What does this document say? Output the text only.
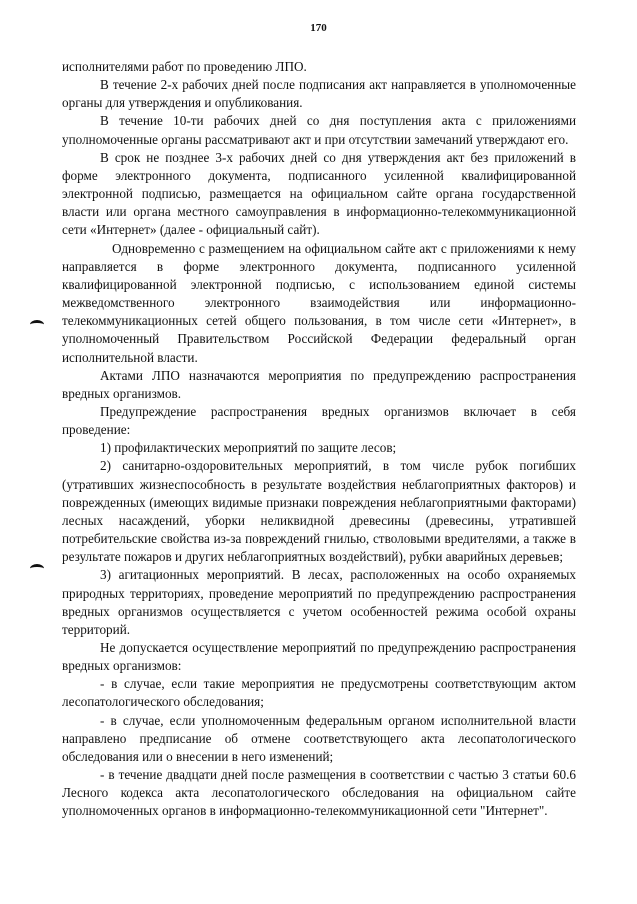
170

исполнителями работ по проведению ЛПО.

В течение 2-х рабочих дней после подписания акт направляется в уполномоченные органы для утверждения и опубликования.

В течение 10-ти рабочих дней со дня поступления акта с приложениями уполномоченные органы рассматривают акт и при отсутствии замечаний утверждают его.

В срок не позднее 3-х рабочих дней со дня утверждения акт без приложений в форме электронного документа, подписанного усиленной квалифицированной электронной подписью, размещается на официальном сайте органа государственной власти или органа местного самоуправления в информационно-телекоммуникационной сети «Интернет» (далее - официальный сайт).

Одновременно с размещением на официальном сайте акт с приложениями к нему направляется в форме электронного документа, подписанного усиленной квалифицированной электронной подписью, с использованием единой системы межведомственного электронного взаимодействия или информационно-телекоммуникационных сетей общего пользования, в том числе сети «Интернет», в уполномоченный Правительством Российской Федерации федеральный орган исполнительной власти.

Актами ЛПО назначаются мероприятия по предупреждению распространения вредных организмов.

Предупреждение распространения вредных организмов включает в себя проведение:

1) профилактических мероприятий по защите лесов;

2) санитарно-оздоровительных мероприятий, в том числе рубок погибших (утративших жизнеспособность в результате воздействия неблагоприятных факторов) и поврежденных (имеющих видимые признаки повреждения неблагоприятными факторами) лесных насаждений, уборки неликвидной древесины (древесины, утратившей потребительские свойства из-за повреждений гнилью, стволовыми вредителями, а также в результате пожаров и других неблагоприятных воздействий), рубки аварийных деревьев;

3) агитационных мероприятий. В лесах, расположенных на особо охраняемых природных территориях, проведение мероприятий по предупреждению распространения вредных организмов осуществляется с учетом особенностей режима особой охраны территорий.

Не допускается осуществление мероприятий по предупреждению распространения вредных организмов:

- в случае, если такие мероприятия не предусмотрены соответствующим актом лесопатологического обследования;

- в случае, если уполномоченным федеральным органом исполнительной власти направлено предписание об отмене соответствующего акта лесопатологического обследования или о внесении в него изменений;

- в течение двадцати дней после размещения в соответствии с частью 3 статьи 60.6 Лесного кодекса акта лесопатологического обследования на официальном сайте уполномоченных органов в информационно-телекоммуникационной сети "Интернет".
